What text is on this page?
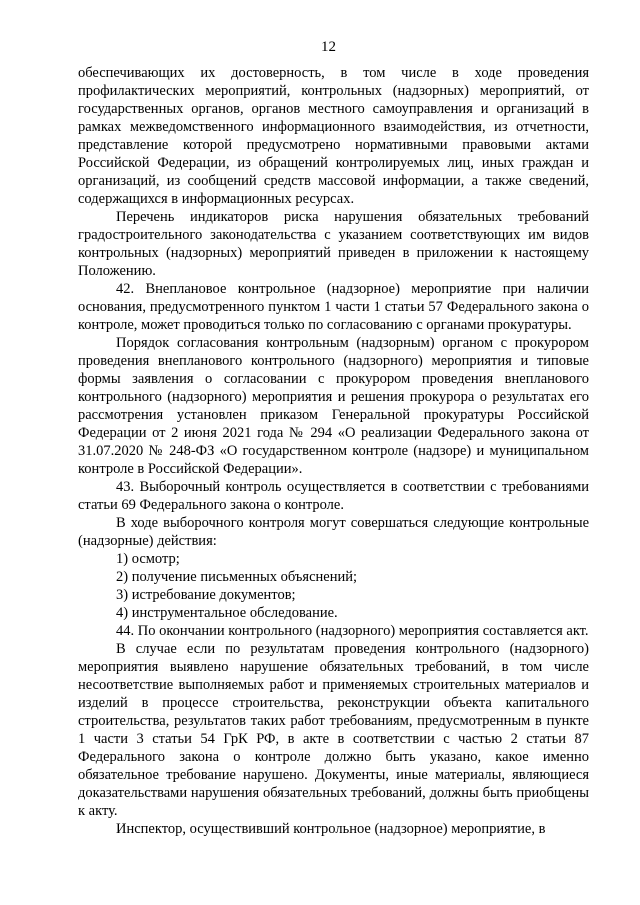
12

обеспечивающих их достоверность, в том числе в ходе проведения профилактических мероприятий, контрольных (надзорных) мероприятий, от государственных органов, органов местного самоуправления и организаций в рамках межведомственного информационного взаимодействия, из отчетности, представление которой предусмотрено нормативными правовыми актами Российской Федерации, из обращений контролируемых лиц, иных граждан и организаций, из сообщений средств массовой информации, а также сведений, содержащихся в информационных ресурсах.

Перечень индикаторов риска нарушения обязательных требований градостроительного законодательства с указанием соответствующих им видов контрольных (надзорных) мероприятий приведен в приложении к настоящему Положению.

42. Внеплановое контрольное (надзорное) мероприятие при наличии основания, предусмотренного пунктом 1 части 1 статьи 57 Федерального закона о контроле, может проводиться только по согласованию с органами прокуратуры.

Порядок согласования контрольным (надзорным) органом с прокурором проведения внепланового контрольного (надзорного) мероприятия и типовые формы заявления о согласовании с прокурором проведения внепланового контрольного (надзорного) мероприятия и решения прокурора о результатах его рассмотрения установлен приказом Генеральной прокуратуры Российской Федерации от 2 июня 2021 года № 294 «О реализации Федерального закона от 31.07.2020 № 248-ФЗ «О государственном контроле (надзоре) и муниципальном контроле в Российской Федерации».

43. Выборочный контроль осуществляется в соответствии с требованиями статьи 69 Федерального закона о контроле.

В ходе выборочного контроля могут совершаться следующие контрольные (надзорные) действия:

1) осмотр;

2) получение письменных объяснений;

3) истребование документов;

4) инструментальное обследование.

44. По окончании контрольного (надзорного) мероприятия составляется акт.

В случае если по результатам проведения контрольного (надзорного) мероприятия выявлено нарушение обязательных требований, в том числе несоответствие выполняемых работ и применяемых строительных материалов и изделий в процессе строительства, реконструкции объекта капитального строительства, результатов таких работ требованиям, предусмотренным в пункте 1 части 3 статьи 54 ГрК РФ, в акте в соответствии с частью 2 статьи 87 Федерального закона о контроле должно быть указано, какое именно обязательное требование нарушено. Документы, иные материалы, являющиеся доказательствами нарушения обязательных требований, должны быть приобщены к акту.

Инспектор, осуществивший контрольное (надзорное) мероприятие, в
